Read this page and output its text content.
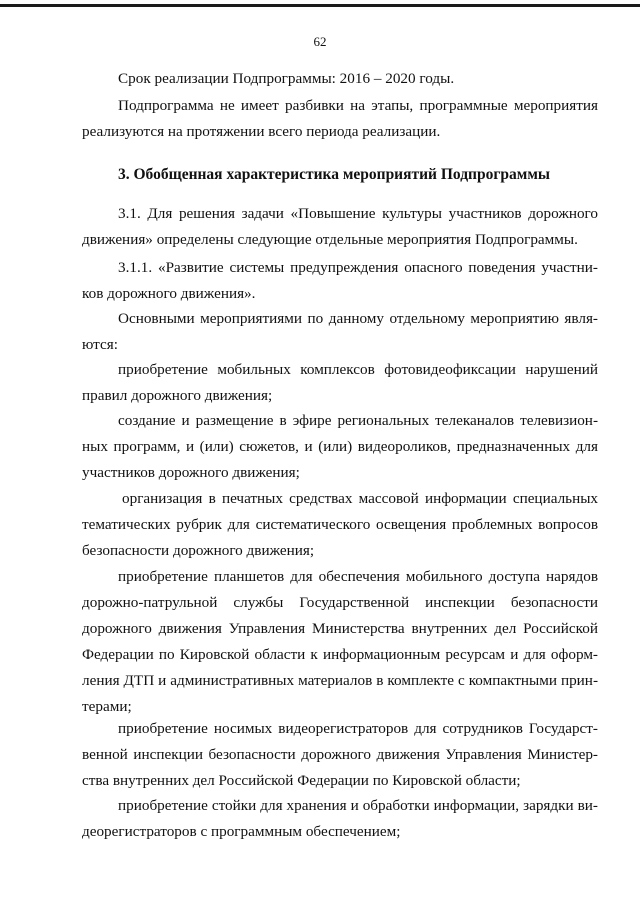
62
Срок реализации Подпрограммы: 2016 – 2020 годы.
Подпрограмма не имеет разбивки на этапы, программные мероприятия
реализуются на протяжении всего периода реализации.
3. Обобщенная характеристика мероприятий Подпрограммы
3.1. Для решения задачи «Повышение культуры участников дорожного
движения» определены следующие отдельные мероприятия Подпрограммы.
3.1.1. «Развитие системы предупреждения опасного поведения участни-
ков дорожного движения».
Основными мероприятиями по данному отдельному мероприятию явля-
ются:
приобретение мобильных комплексов фотовидеофиксации нарушений
правил дорожного движения;
создание и размещение в эфире региональных телеканалов телевизион-
ных программ, и (или) сюжетов, и (или) видеороликов, предназначенных для
участников дорожного движения;
организация в печатных средствах массовой информации специальных
тематических рубрик для систематического освещения проблемных вопросов
безопасности дорожного движения;
приобретение планшетов для обеспечения мобильного доступа нарядов
дорожно-патрульной службы Государственной инспекции безопасности
дорожного движения Управления Министерства внутренних дел Российской
Федерации по Кировской области к информационным ресурсам и для оформ-
ления ДТП и административных материалов в комплекте с компактными прин-
терами;
приобретение носимых видеорегистраторов для сотрудников Государст-
венной инспекции безопасности дорожного движения Управления Министер-
ства внутренних дел Российской Федерации по Кировской области;
приобретение стойки для хранения и обработки информации, зарядки ви-
деорегистраторов с программным обеспечением;
